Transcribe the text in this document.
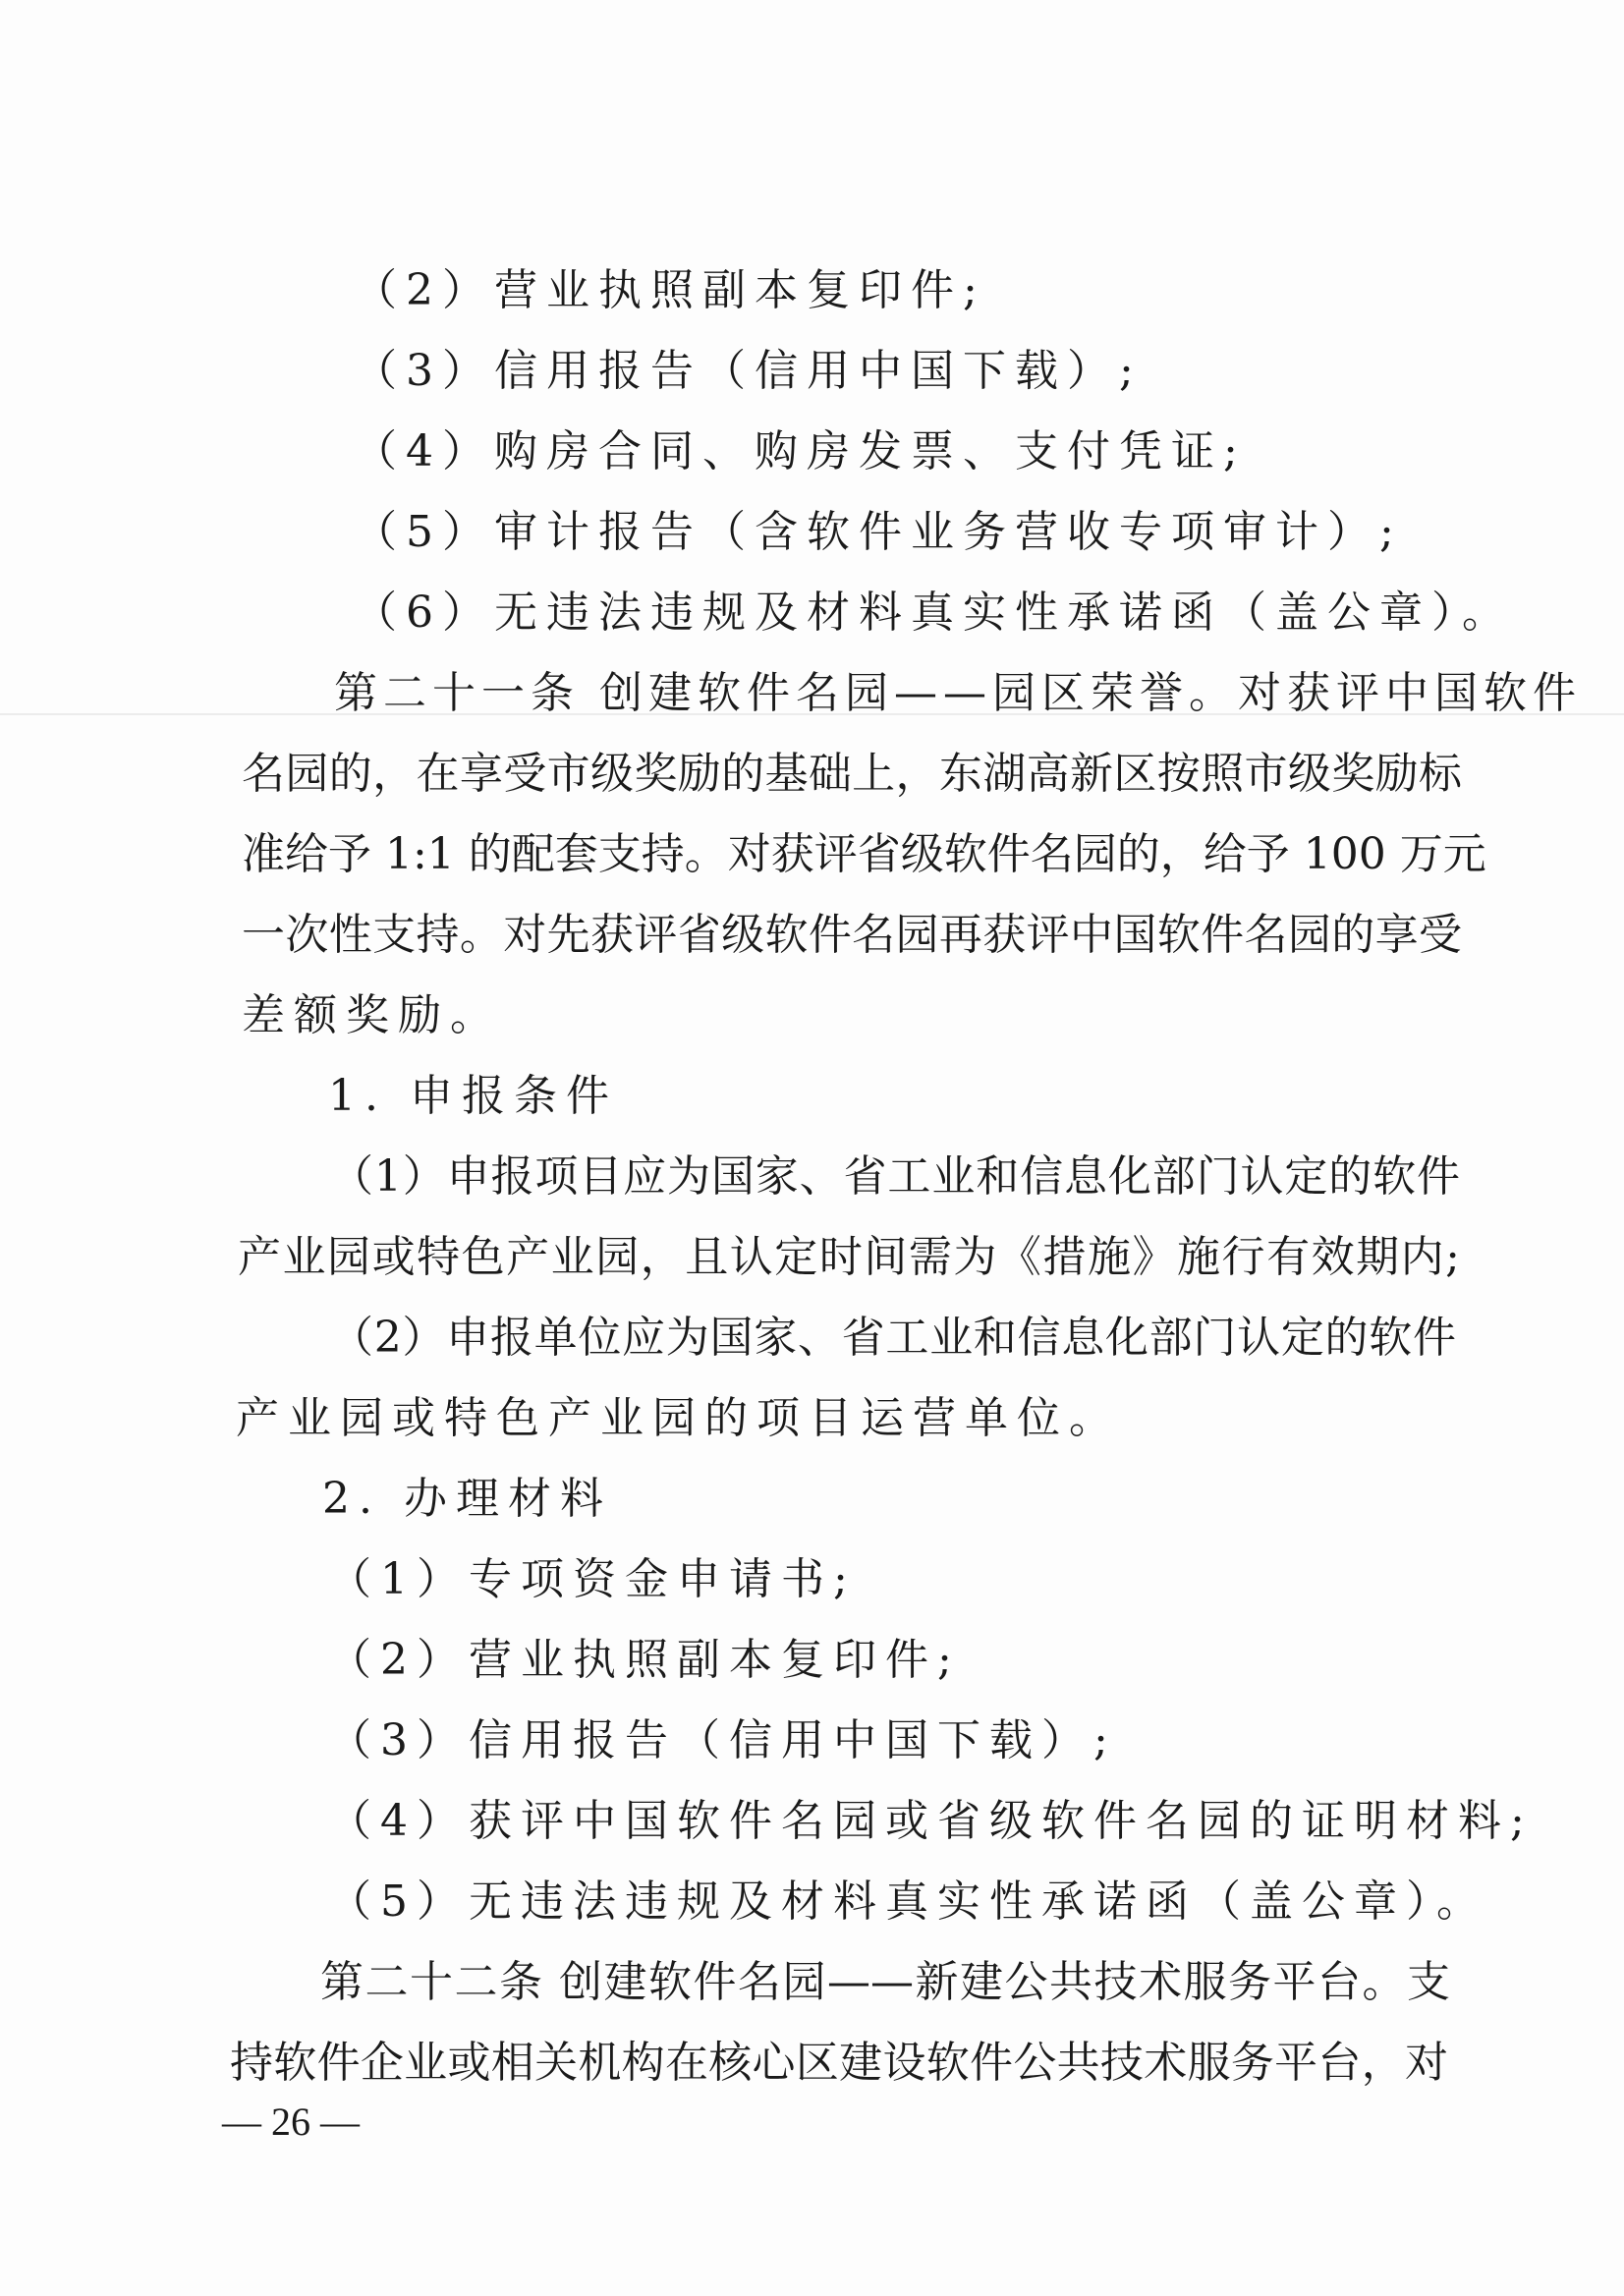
（2）营业执照副本复印件;
（3）信用报告（信用中国下载）;
（4）购房合同、购房发票、支付凭证;
（5）审计报告（含软件业务营收专项审计）;
（6）无违法违规及材料真实性承诺函（盖公章）。
第二十一条 创建软件名园——园区荣誉。对获评中国软件
名园的，在享受市级奖励的基础上，东湖高新区按照市级奖励标
准给予 1:1 的配套支持。对获评省级软件名园的，给予 100 万元
一次性支持。对先获评省级软件名园再获评中国软件名园的享受
差额奖励。
1. 申报条件
（1）申报项目应为国家、省工业和信息化部门认定的软件
产业园或特色产业园，且认定时间需为《措施》施行有效期内;
（2）申报单位应为国家、省工业和信息化部门认定的软件
产业园或特色产业园的项目运营单位。
2. 办理材料
（1）专项资金申请书;
（2）营业执照副本复印件;
（3）信用报告（信用中国下载）;
（4）获评中国软件名园或省级软件名园的证明材料;
（5）无违法违规及材料真实性承诺函（盖公章）。
第二十二条 创建软件名园——新建公共技术服务平台。支
持软件企业或相关机构在核心区建设软件公共技术服务平台，对
— 26 —
